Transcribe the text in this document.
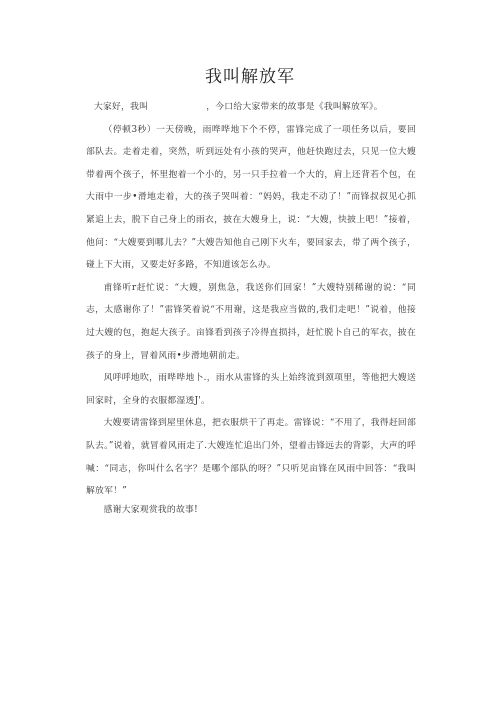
我叫解放军

大家好，我叫	，今口给大家带来的故事是《我叫解放军》。

（停顿3秒）一天傍晚，雨哗哗地下个不停，雷锋完成了一项任务以后，要回部队去。走着走着，突然，听到远处有小孩的哭声，他赶快跑过去，只见一位大嫂带着两个孩子，怀里抱着一个小的，另一只手拉着一个大的，肩上还背若个包，在大雨中一步•滑地走着，大的孩子哭叫着：“妈妈，我走不动了！”而锋叔叔见心抓紧追上去，脱下自己身上的雨衣，披在大嫂身上，说：“大嫂，快披上吧！”接着，他问：“大嫂要到哪儿去？”大嫂告知他自己刚下火车，要回家去，带了两个孩子，碰上下大雨，又要走好多路，不知道该怎么办。

甫锋听r赶忙说：“大嫂，别焦急，我送你们回家！”大嫂特别稀谢的说：“同志，太感谢你了！”雷锋笑着说“不用谢，这是我应当做的,我们走吧！”说着，他接过大嫂的包，抱起大孩子。亩锋看到孩子冷得直损抖，赶忙脱卜自己的军衣，披在孩子的身上，冒着风雨•步滑地朝前走。

风呼呼地吹，雨哗哗地卜.，雨水从雷锋的头上始终流到颈项里，等他把大嫂送回家时，全身的衣服都湿透J'。

大嫂要请雷锋到屋里休息，把衣服烘干了再走。雷锋说：“不用了，我得赶回部队去。”说着，就冒着风雨走了.大嫂连忙追出门外，望着击锋远去的背影，大声的呼喊：“同志，你叫什么名字？是哪个部队的呀？”只听见亩锋在风雨中回答：“我叫解放军！”

感谢大家观赏我的故事!
